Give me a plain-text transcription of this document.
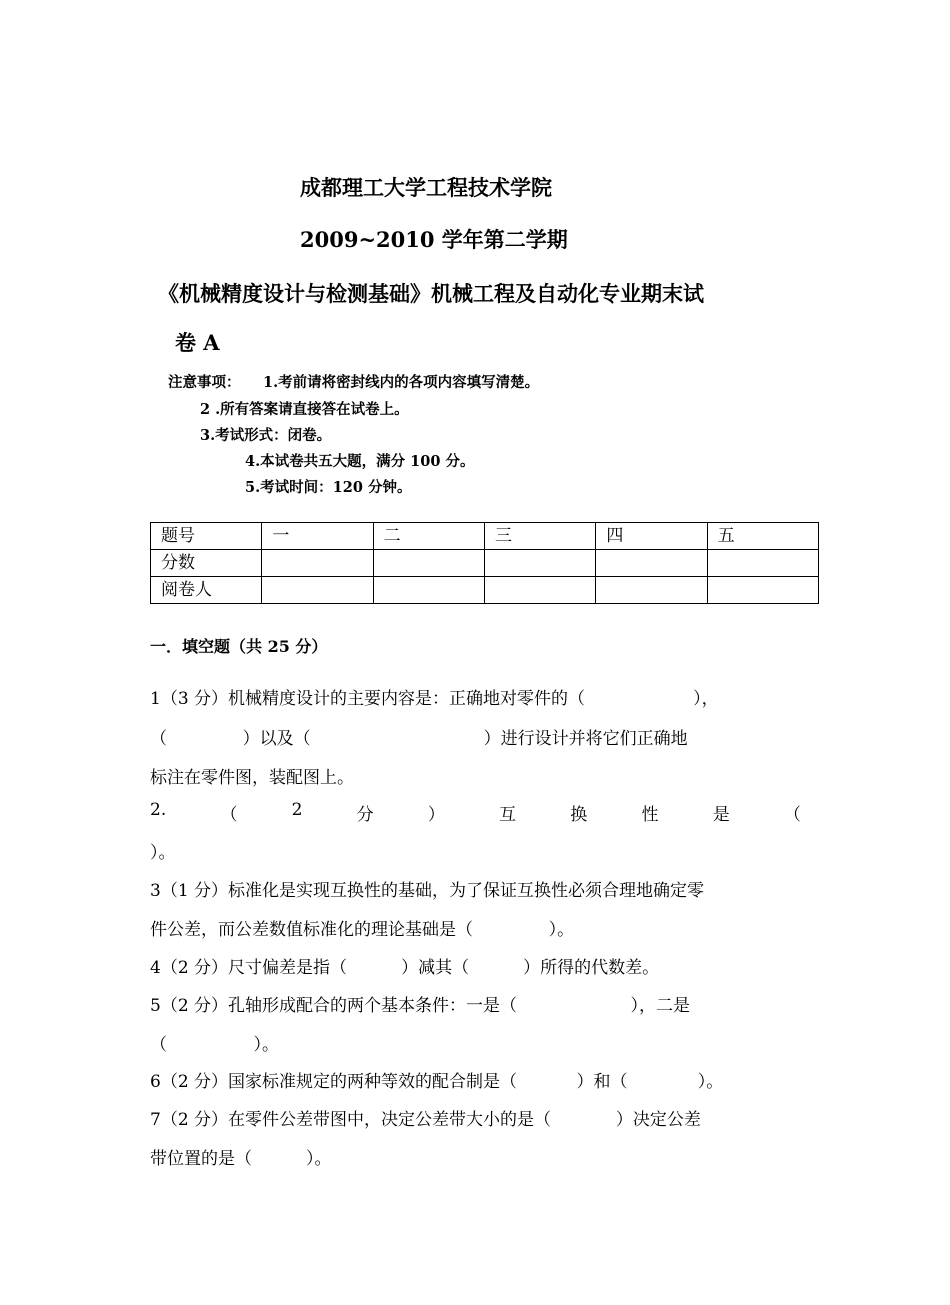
成都理工大学工程技术学院
2009~2010 学年第二学期
《机械精度设计与检测基础》机械工程及自动化专业期末试
卷 A
注意事项： 1.考前请将密封线内的各项内容填写清楚。
2 .所有答案请直接答在试卷上。
3.考试形式：闭卷。
4.本试卷共五大题，满分 100 分。
5.考试时间：120 分钟。
题号	一	二	三	四	五
分数					
阅卷人					
一．填空题（共 25 分）
1（3 分）机械精度设计的主要内容是：正确地对零件的（                    ），
（              ）以及（                                ）进行设计并将它们正确地
标注在零件图，装配图上。
2.	（	2	分	）	互	换	性	是	（
）。
3（1 分）标准化是实现互换性的基础，为了保证互换性必须合理地确定零
件公差，而公差数值标准化的理论基础是（              ）。
4（2 分）尺寸偏差是指（          ）减其（          ）所得的代数差。
5（2 分）孔轴形成配合的两个基本条件：一是（                     ），二是
（                ）。
6（2 分）国家标准规定的两种等效的配合制是（           ）和（             ）。
7（2 分）在零件公差带图中，决定公差带大小的是（            ）决定公差
带位置的是（          ）。
